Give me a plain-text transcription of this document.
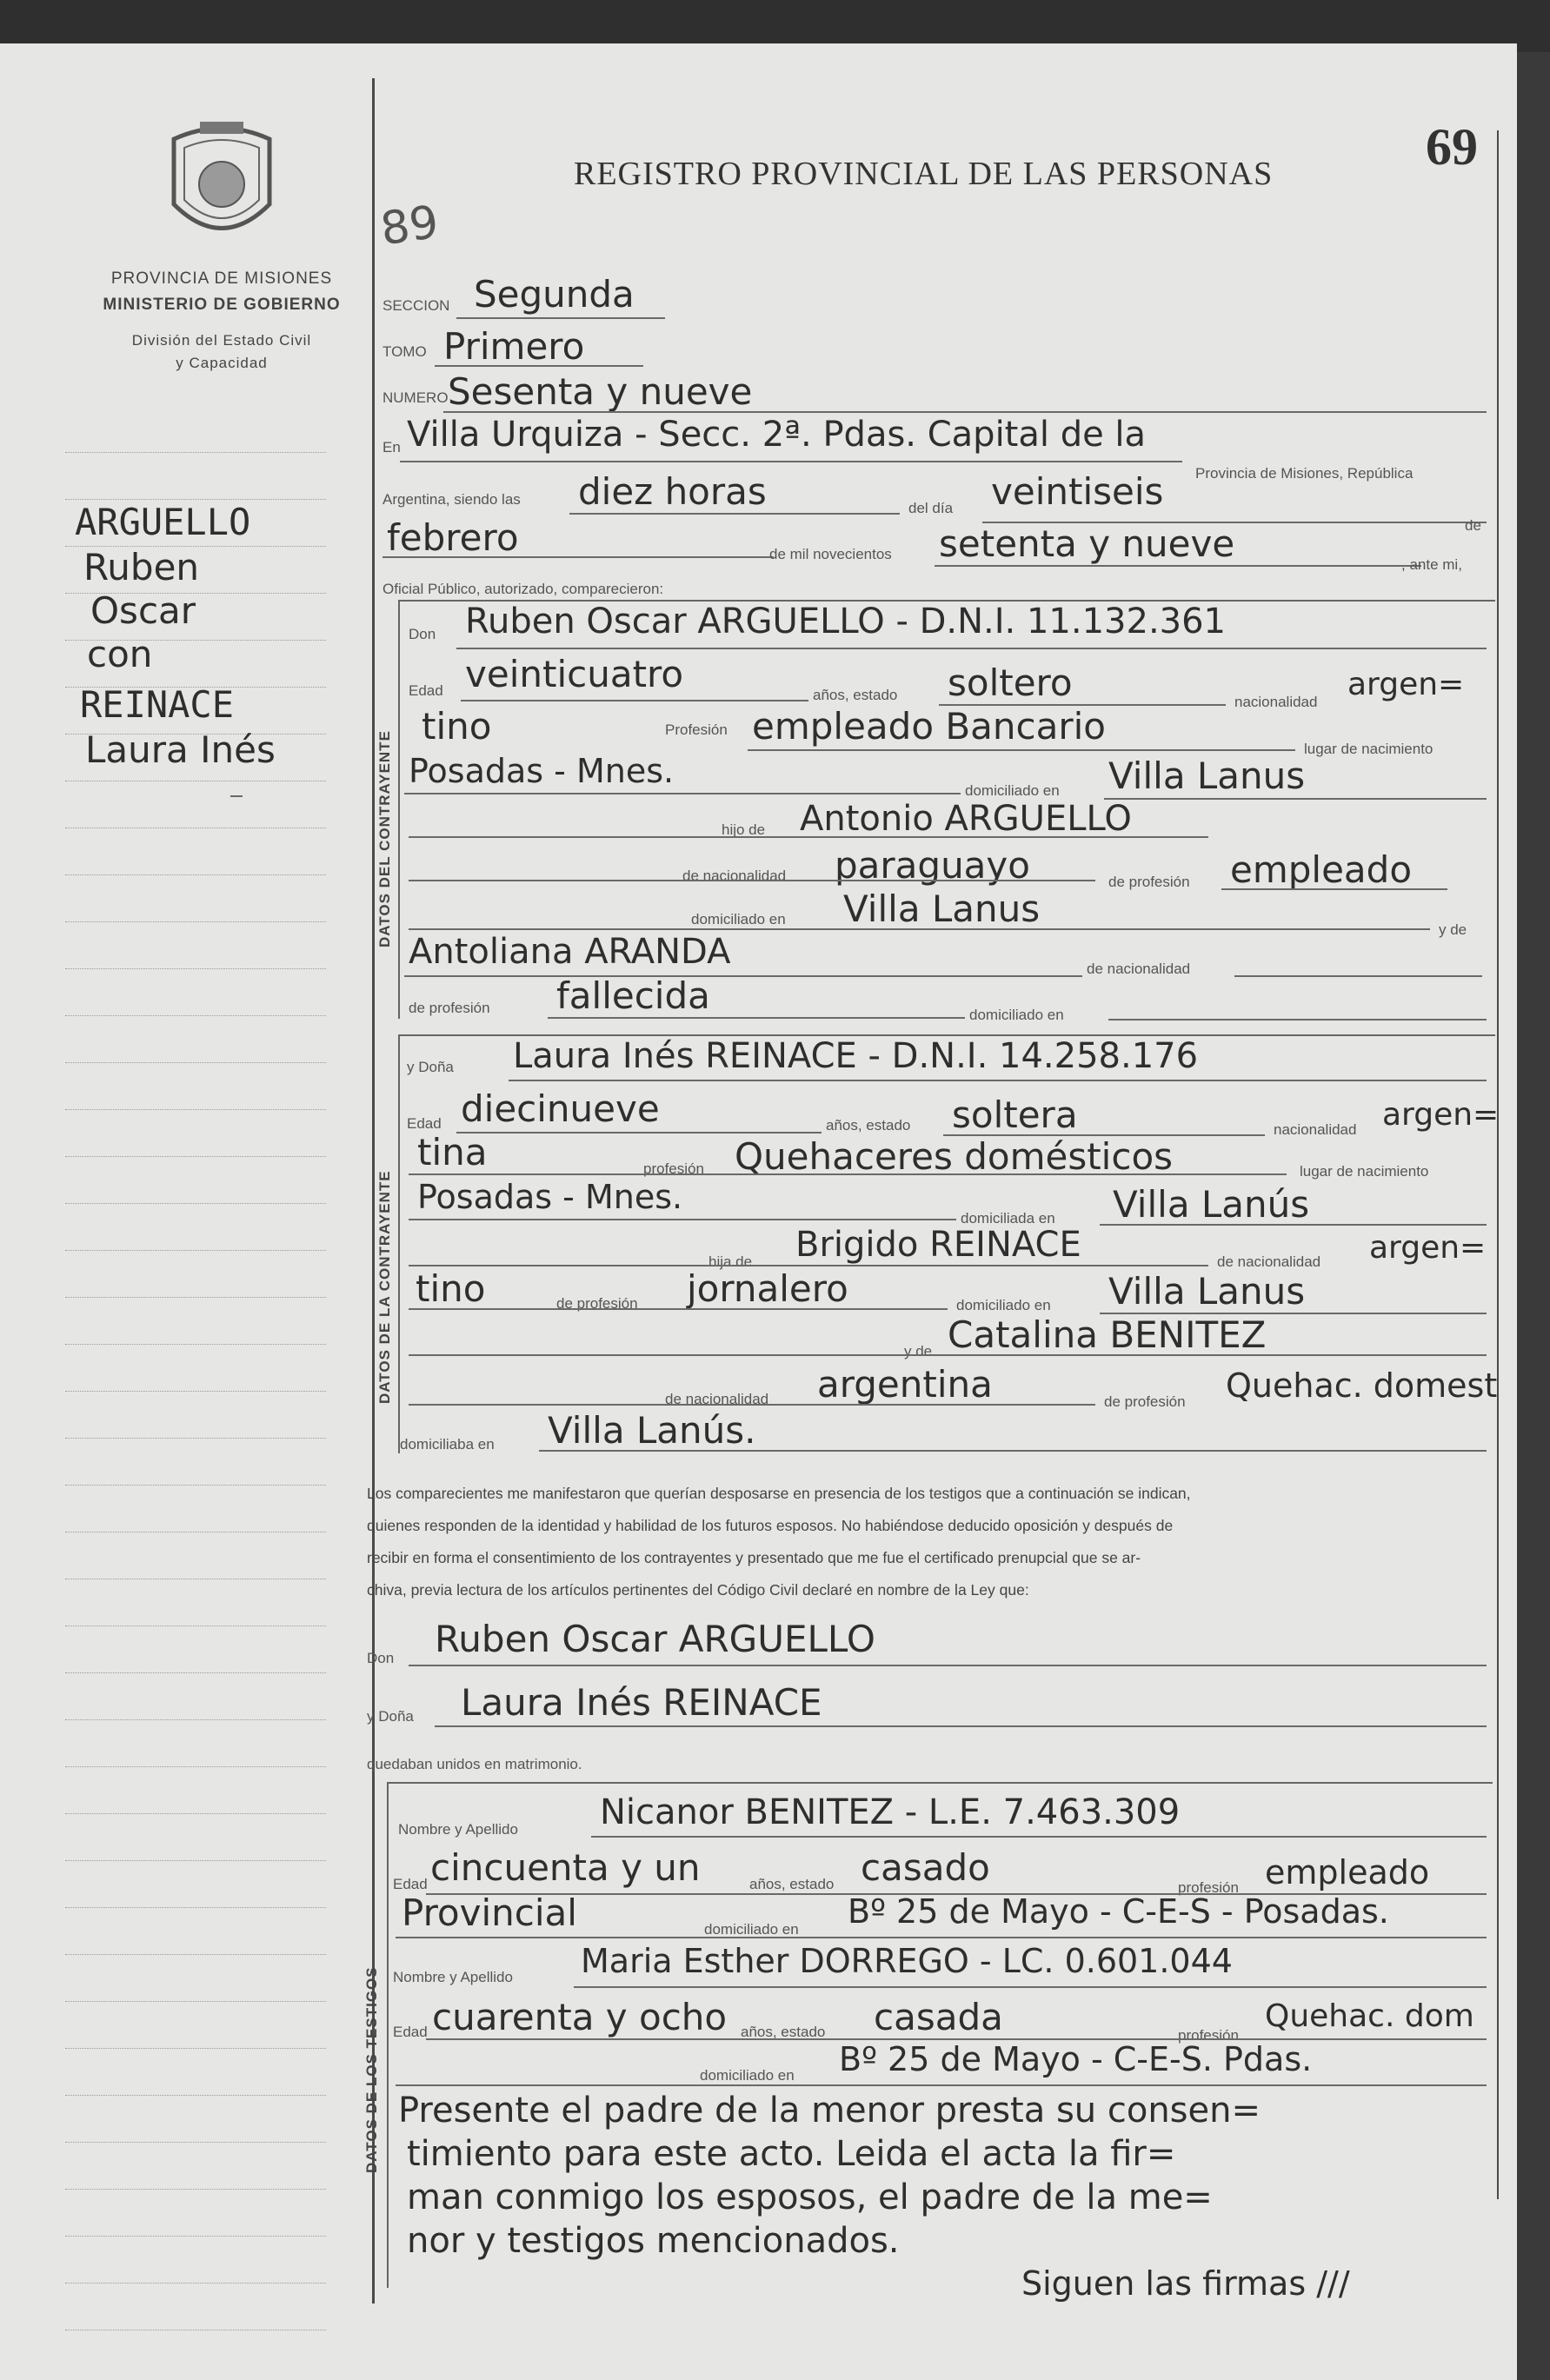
PROVINCIA DE MISIONES
MINISTERIO DE GOBIERNO
División del Estado Civil
y Capacidad
REGISTRO PROVINCIAL DE LAS PERSONAS	69
89
ARGUELLO
Ruben
Oscar
con
REINACE
Laura Inés
SECCION Segunda
TOMO Primero
NUMERO Sesenta y nueve
En Villa Urquiza - Secc. 2ª. Pdas. Capital de la
Provincia de Misiones, República
Argentina, siendo las diez horas	del día veintiseis
de
febrero	de mil novecientos setenta y nueve	, ante mi,
Oficial Público, autorizado, comparecieron:
DATOS DEL CONTRAYENTE
Don Ruben Oscar ARGUELLO - D.N.I. 11.132.361
Edad veinticuatro	años, estado soltero	nacionalidad argen=
tino	Profesión empleado Bancario
lugar de nacimiento
Posadas - Mnes.
domiciliado en Villa Lanus
hijo de Antonio ARGUELLO
de nacionalidad paraguayo	de profesión empleado
domiciliado en Villa Lanus	y de
Antoliana ARANDA	de nacionalidad
de profesión fallecida	domiciliado en
DATOS DE LA CONTRAYENTE
y Doña Laura Inés REINACE - D.N.I. 14.258.176
Edad diecinueve	años, estado soltera	nacionalidad argen=
tina	profesión Quehaceres domésticos	lugar de nacimiento
Posadas - Mnes.
domiciliada en Villa Lanús
hija de Brigido REINACE	de nacionalidad argen=
tino	de profesión jornalero	domiciliado en Villa Lanus
y de Catalina BENITEZ
de nacionalidad argentina	de profesión Quehac. domest
domiciliaba en Villa Lanús.
Los comparecientes me manifestaron que querían desposarse en presencia de los testigos que a continuación se indican,
quienes responden de la identidad y habilidad de los futuros esposos. No habiéndose deducido oposición y después de
recibir en forma el consentimiento de los contrayentes y presentado que me fue el certificado prenupcial que se ar-
chiva, previa lectura de los artículos pertinentes del Código Civil declaré en nombre de la Ley que:
Don Ruben Oscar ARGUELLO
y Doña Laura Inés REINACE
quedaban unidos en matrimonio.
DATOS DE LOS TESTIGOS
Nombre y Apellido Nicanor BENITEZ - L.E. 7.463.309
Edad cincuenta y un	años, estado casado	profesión empleado
Provincial	domiciliado en Bº 25 de Mayo - C-E-S - Posadas.
Nombre y Apellido Maria Esther DORREGO - LC. 0.601.044
Edad cuarenta y ocho años, estado casada	profesión
Quehac. dom
domiciliado en Bº 25 de Mayo - C-E-S. Pdas.
Presente el padre de la menor presta su consen=
timiento para este acto. Leida el acta la fir=
man conmigo los esposos, el padre de la me=
nor y testigos mencionados.
Siguen las firmas ///
